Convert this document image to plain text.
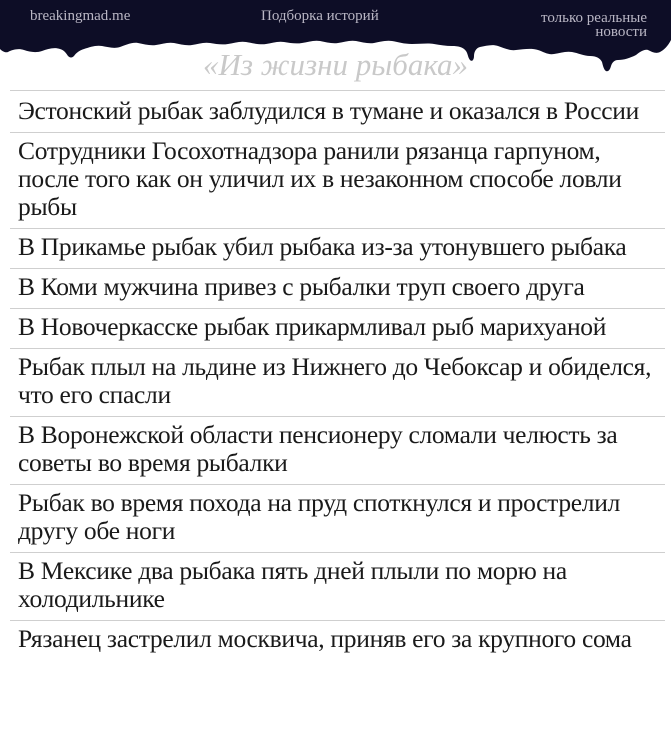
breakingmad.me	Подборка историй	только реальные новости
«Из жизни рыбака»
Эстонский рыбак заблудился в тумане и оказался в России
Сотрудники Госохотнадзора ранили рязанца гарпуном, после того как он уличил их в незаконном способе ловли рыбы
В Прикамье рыбак убил рыбака из-за утонувшего рыбака
В Коми мужчина привез с рыбалки труп своего друга
В Новочеркасске рыбак прикармливал рыб марихуаной
Рыбак плыл на льдине из Нижнего до Чебоксар и обиделся, что его спасли
В Воронежской области пенсионеру сломали челюсть за советы во время рыбалки
Рыбак во время похода на пруд споткнулся и прострелил другу обе ноги
В Мексике два рыбака пять дней плыли по морю на холодильнике
Рязанец застрелил москвича, приняв его за крупного сома
